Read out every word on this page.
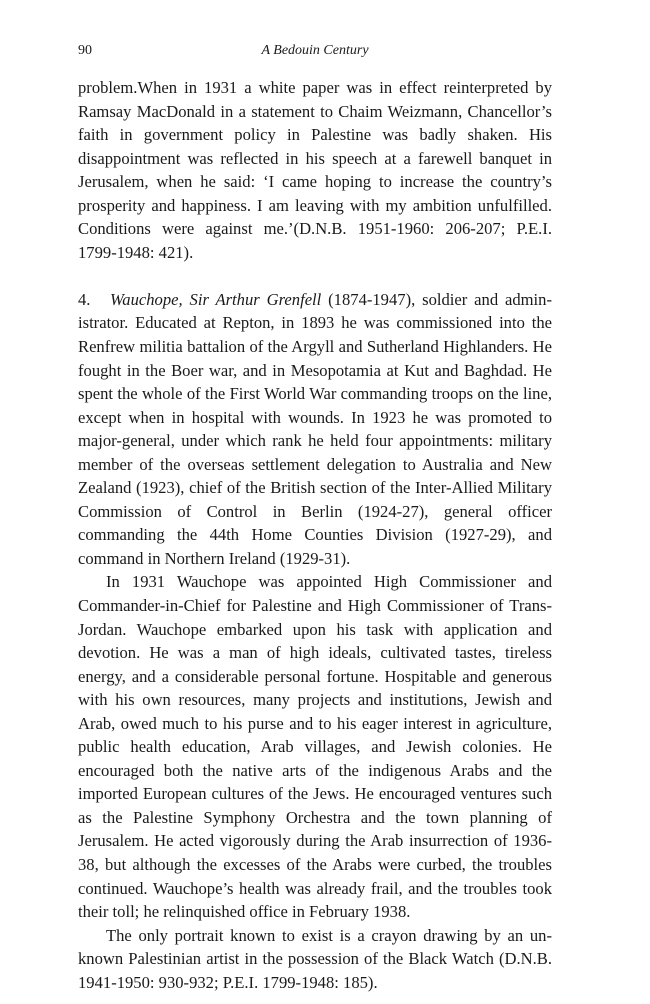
90	A Bedouin Century

problem.When in 1931 a white paper was in effect reinterpreted by Ramsay MacDonald in a statement to Chaim Weizmann, Chancellor’s faith in government policy in Palestine was badly shaken. His disappointment was reflected in his speech at a farewell banquet in Jerusalem, when he said: ‘I came hoping to increase the country’s prosperity and happiness. I am leaving with my ambition unfulfilled. Conditions were against me.’(D.N.B. 1951-1960: 206-207; P.E.I. 1799-1948: 421).

4. Wauchope, Sir Arthur Grenfell (1874-1947), soldier and administrator. Educated at Repton, in 1893 he was commissioned into the Renfrew militia battalion of the Argyll and Sutherland Highlanders. He fought in the Boer war, and in Mesopotamia at Kut and Baghdad. He spent the whole of the First World War commanding troops on the line, except when in hospital with wounds. In 1923 he was promoted to major-general, under which rank he held four appointments: military member of the overseas settlement delegation to Australia and New Zealand (1923), chief of the British section of the Inter-Allied Military Commission of Control in Berlin (1924-27), general officer commanding the 44th Home Counties Division (1927-29), and command in Northern Ireland (1929-31).

In 1931 Wauchope was appointed High Commissioner and Commander-in-Chief for Palestine and High Commissioner of Trans-Jordan. Wauchope embarked upon his task with application and devotion. He was a man of high ideals, cultivated tastes, tireless energy, and a considerable personal fortune. Hospitable and generous with his own resources, many projects and institutions, Jewish and Arab, owed much to his purse and to his eager interest in agriculture, public health education, Arab villages, and Jewish colonies. He encouraged both the native arts of the indigenous Arabs and the imported European cultures of the Jews. He encouraged ventures such as the Palestine Symphony Orchestra and the town planning of Jerusalem. He acted vigorously during the Arab insurrection of 1936-38, but although the excesses of the Arabs were curbed, the troubles continued. Wauchope’s health was already frail, and the troubles took their toll; he relinquished office in February 1938.

The only portrait known to exist is a crayon drawing by an unknown Palestinian artist in the possession of the Black Watch (D.N.B. 1941-1950: 930-932; P.E.I. 1799-1948: 185).
